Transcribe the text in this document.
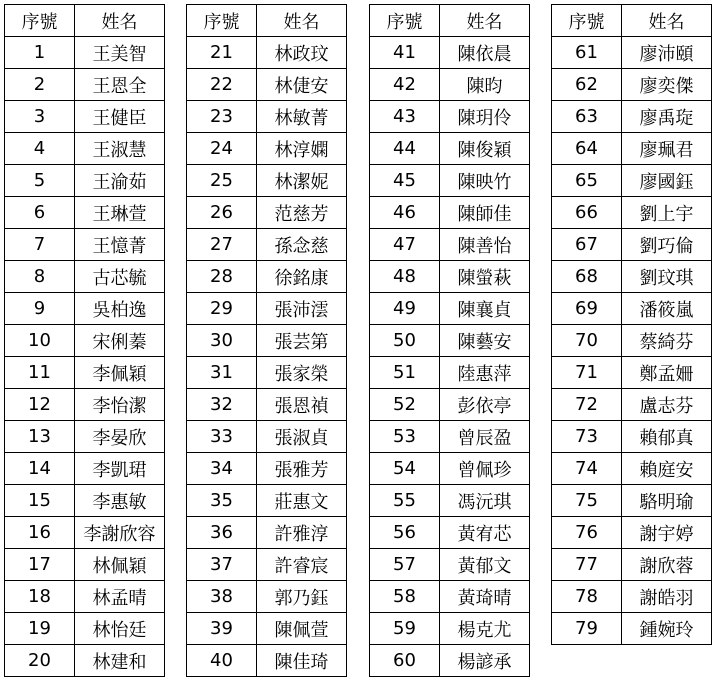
序號	姓名
1	王美智
2	王恩全
3	王健臣
4	王淑慧
5	王渝茹
6	王琳萱
7	王憶菁
8	古芯毓
9	吳柏逸
10	宋俐蓁
11	李佩穎
12	李怡潔
13	李晏欣
14	李凱珺
15	李惠敏
16	李謝欣容
17	林佩穎
18	林孟晴
19	林怡廷
20	林建和
序號	姓名
21	林政玟
22	林倢安
23	林敏菁
24	林淳嫻
25	林潔妮
26	范慈芳
27	孫念慈
28	徐銘康
29	張沛澐
30	張芸第
31	張家榮
32	張恩禎
33	張淑貞
34	張雅芳
35	莊惠文
36	許雅淳
37	許睿宸
38	郭乃鈺
39	陳佩萱
40	陳佳琦
序號	姓名
41	陳依晨
42	陳昀
43	陳玥伶
44	陳俊穎
45	陳映竹
46	陳師佳
47	陳善怡
48	陳螢萩
49	陳襄貞
50	陳藝安
51	陸惠萍
52	彭依亭
53	曾辰盈
54	曾佩珍
55	馮沅琪
56	黃宥芯
57	黃郁文
58	黃琦晴
59	楊克尤
60	楊諺承
序號	姓名
61	廖沛頤
62	廖奕傑
63	廖禹琁
64	廖珮君
65	廖國鈺
66	劉上宇
67	劉巧倫
68	劉玟琪
69	潘筱嵐
70	蔡綺芬
71	鄭孟姍
72	盧志芬
73	賴郁真
74	賴庭安
75	駱明瑜
76	謝宇婷
77	謝欣蓉
78	謝皓羽
79	鍾婉玲
